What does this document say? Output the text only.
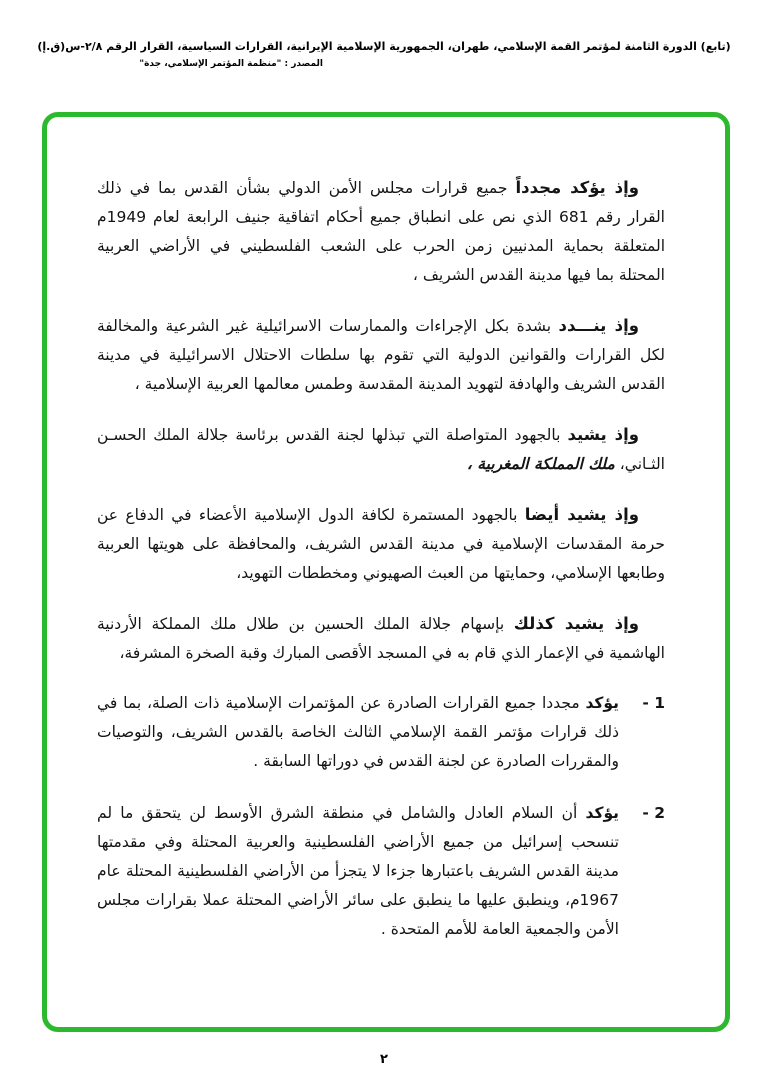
(تابع) الدورة الثامنة لمؤتمر القمة الإسلامي، طهران، الجمهورية الإسلامية الإيرانية، القرارات السياسية، القرار الرقم ٢/٨-س(ق.إ)
المصدر : "منظمة المؤتمر الإسلامي، جدة"

وإذ يؤكد مجدداً جميع قرارات مجلس الأمن الدولي بشأن القدس بما في ذلك القرار رقم 681 الذي نص على انطباق جميع أحكام اتفاقية جنيف الرابعة لعام 1949م المتعلقة بحماية المدنيين زمن الحرب على الشعب الفلسطيني في الأراضي العربية المحتلة بما فيها مدينة القدس الشريف ،

وإذ ينـــدد بشدة بكل الإجراءات والممارسات الاسرائيلية غير الشرعية والمخالفة لكل القرارات والقوانين الدولية التي تقوم بها سلطات الاحتلال الاسرائيلية في مدينة القدس الشريف والهادفة لتهويد المدينة المقدسة وطمس معالمها العربية الإسلامية ،

وإذ يشيد بالجهود المتواصلة التي تبذلها لجنة القدس برئاسة جلالة الملك الحسـن الثـاني، ملك المملكة المغربية ،

وإذ يشيد أيضا بالجهود المستمرة لكافة الدول الإسلامية الأعضاء في الدفاع عن حرمة المقدسات الإسلامية في مدينة القدس الشريف، والمحافظة على هويتها العربية وطابعها الإسلامي، وحمايتها من العبث الصهيوني ومخططات التهويد،

وإذ يشيد كذلك بإسهام جلالة الملك الحسين بن طلال ملك المملكة الأردنية الهاشمية في الإعمار الذي قام به في المسجد الأقصى المبارك وقبة الصخرة المشرفة،

1 -
يؤكد مجددا جميع القرارات الصادرة عن المؤتمرات الإسلامية ذات الصلة، بما في ذلك قرارات مؤتمر القمة الإسلامي الثالث الخاصة بالقدس الشريف، والتوصيات والمقررات الصادرة عن لجنة القدس في دوراتها السابقة .
2 -
يؤكد أن السلام العادل والشامل في منطقة الشرق الأوسط لن يتحقق ما لم تنسحب إسرائيل من جميع الأراضي الفلسطينية والعربية المحتلة وفي مقدمتها مدينة القدس الشريف باعتبارها جزءا لا يتجزأ من الأراضي الفلسطينية المحتلة عام 1967م، وينطبق عليها ما ينطبق على سائر الأراضي المحتلة عملا بقرارات مجلس الأمن والجمعية العامة للأمم المتحدة .
٢
